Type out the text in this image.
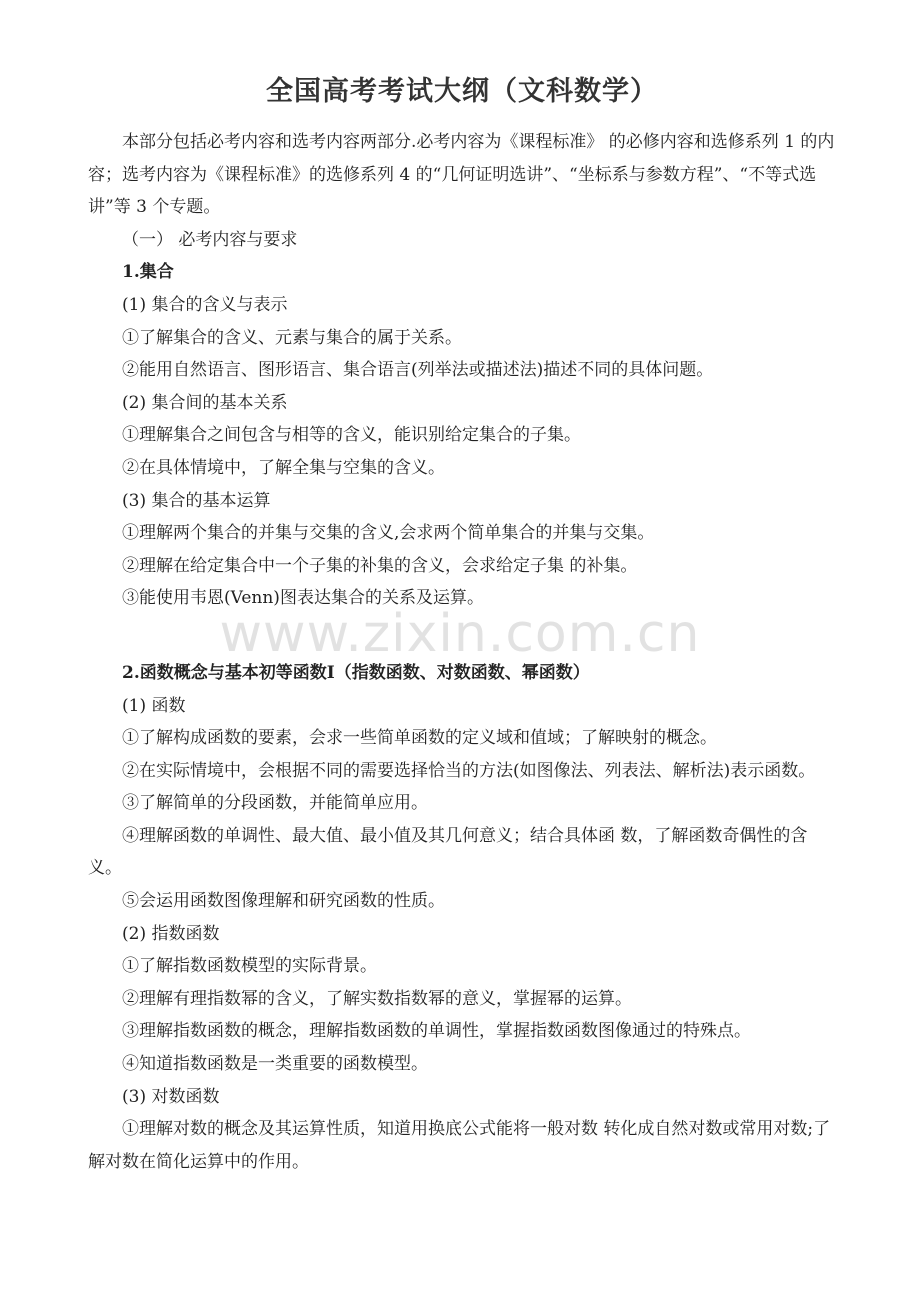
www.zixin.com.cn
全国高考考试大纲（文科数学）

本部分包括必考内容和选考内容两部分.必考内容为《课程标准》 的必修内容和选修系列 1 的内容；选考内容为《课程标准》的选修系列 4 的“几何证明选讲”、“坐标系与参数方程”、“不等式选讲”等 3 个专题。

（一） 必考内容与要求

1.集合

(1) 集合的含义与表示

①了解集合的含义、元素与集合的属于关系。

②能用自然语言、图形语言、集合语言(列举法或描述法)描述不同的具体问题。

(2) 集合间的基本关系

①理解集合之间包含与相等的含义，能识别给定集合的子集。

②在具体情境中，了解全集与空集的含义。

(3) 集合的基本运算

①理解两个集合的并集与交集的含义,会求两个简单集合的并集与交集。

②理解在给定集合中一个子集的补集的含义，会求给定子集 的补集。

③能使用韦恩(Venn)图表达集合的关系及运算。

2.函数概念与基本初等函数Ⅰ（指数函数、对数函数、幂函数）

(1) 函数

①了解构成函数的要素，会求一些简单函数的定义域和值域；了解映射的概念。

②在实际情境中，会根据不同的需要选择恰当的方法(如图像法、列表法、解析法)表示函数。

③了解简单的分段函数，并能简单应用。

④理解函数的单调性、最大值、最小值及其几何意义；结合具体函 数，了解函数奇偶性的含义。

⑤会运用函数图像理解和研究函数的性质。

(2) 指数函数

①了解指数函数模型的实际背景。

②理解有理指数幂的含义，了解实数指数幂的意义，掌握幂的运算。

③理解指数函数的概念，理解指数函数的单调性，掌握指数函数图像通过的特殊点。

④知道指数函数是一类重要的函数模型。

(3) 对数函数

①理解对数的概念及其运算性质，知道用换底公式能将一般对数 转化成自然对数或常用对数;了解对数在简化运算中的作用。
